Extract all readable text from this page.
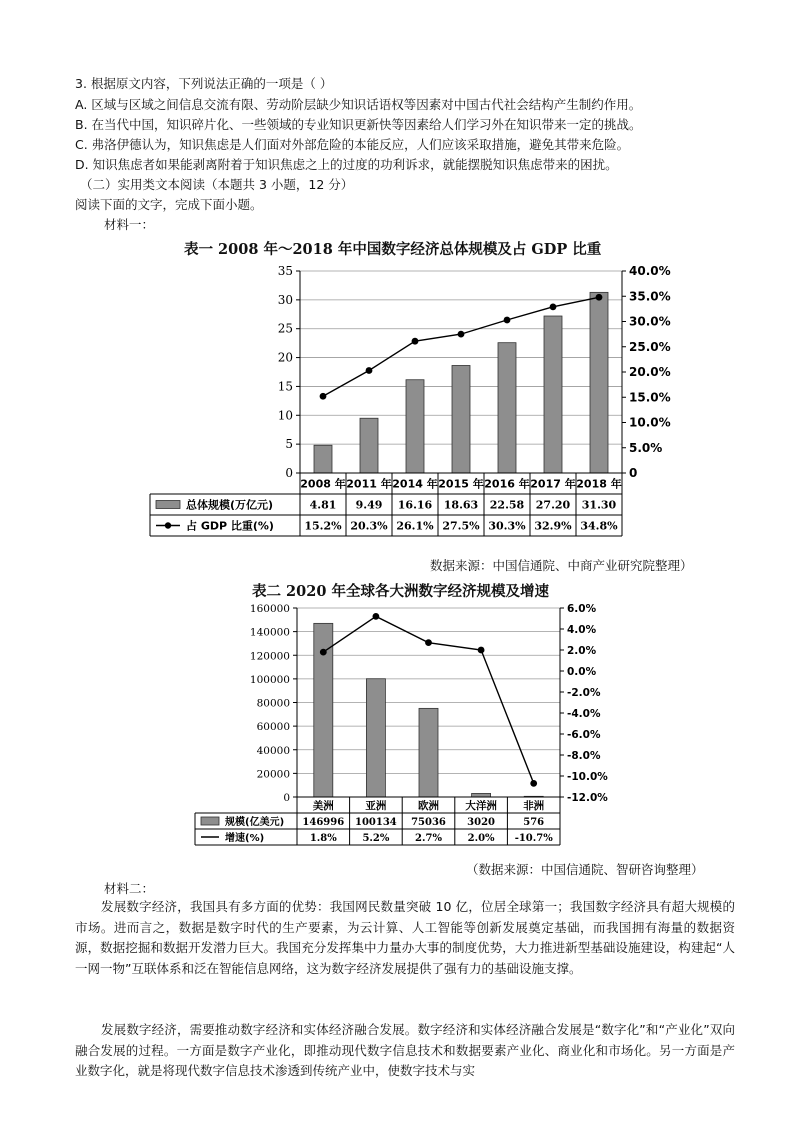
3. 根据原文内容，下列说法正确的一项是（ ）
A. 区域与区域之间信息交流有限、劳动阶层缺少知识话语权等因素对中国古代社会结构产生制约作用。
B. 在当代中国，知识碎片化、一些领域的专业知识更新快等因素给人们学习外在知识带来一定的挑战。
C. 弗洛伊德认为，知识焦虑是人们面对外部危险的本能反应，人们应该采取措施，避免其带来危险。
D. 知识焦虑者如果能剥离附着于知识焦虑之上的过度的功利诉求，就能摆脱知识焦虑带来的困扰。
（二）实用类文本阅读（本题共 3 小题，12 分）
阅读下面的文字，完成下面小题。
材料一：
表一 2008 年～2018 年中国数字经济总体规模及占 GDP 比重
0
5
10
15
20
25
30
35
0
5.0%
10.0%
15.0%
20.0%
25.0%
30.0%
35.0%
40.0%
2008 年 2011 年 2014 年 2015 年 2016 年 2017 年 2018 年
4.81 9.49 16.16 18.63 22.58 27.20 31.30
15.2% 20.3% 26.1% 27.5% 30.3% 32.9% 34.8%
总体规模(万亿元)
占 GDP 比重(%)
数据来源：中国信通院、中商产业研究院整理）
表二 2020 年全球各大洲数字经济规模及增速
0
20000
40000
60000
80000
100000
120000
140000
160000
-12.0%
-10.0%
-8.0%
-6.0%
-4.0%
-2.0%
0.0%
2.0%
4.0%
6.0%
美洲	亚洲	欧洲	大洋洲	非洲
146996 100134 75036 3020	576
1.8%	5.2%	2.7%	2.0% -10.7%
规模(亿美元)
增速(%)
（数据来源：中国信通院、智研咨询整理）
材料二：
发展数字经济，我国具有多方面的优势：我国网民数量突破 10 亿，位居全球第一；我国数字经济具有超大规模的市场。进而言之，数据是数字时代的生产要素，为云计算、人工智能等创新发展奠定基础，而我国拥有海量的数据资源，数据挖掘和数据开发潜力巨大。我国充分发挥集中力量办大事的制度优势，大力推进新型基础设施建设，构建起“人一网一物”互联体系和泛在智能信息网络，这为数字经济发展提供了强有力的基础设施支撑。
发展数字经济，需要推动数字经济和实体经济融合发展。数字经济和实体经济融合发展是“数字化”和“产业化”双向融合发展的过程。一方面是数字产业化，即推动现代数字信息技术和数据要素产业化、商业化和市场化。另一方面是产业数字化，就是将现代数字信息技术渗透到传统产业中，使数字技术与实
